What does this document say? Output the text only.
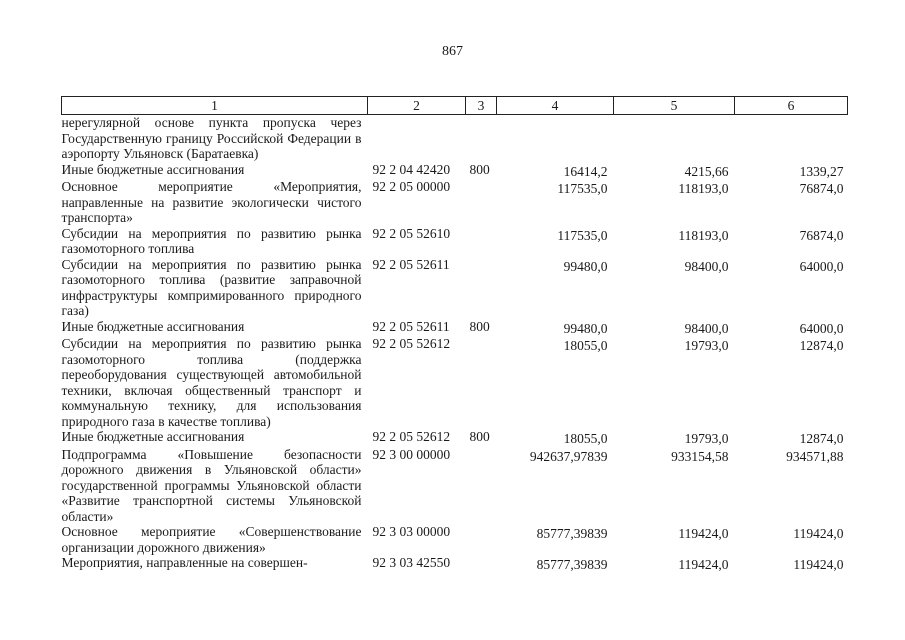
867
1	2	3	4	5	6
нерегулярной основе пункта пропуска через Государственную границу Российской Федерации в аэропорту Ульяновск (Баратаевка)					
Иные бюджетные ассигнования	92 2 04 42420	800	16414,2	4215,66	1339,27
Основное мероприятие «Мероприятия, направленные на развитие экологически чистого транспорта»	92 2 05 00000		117535,0	118193,0	76874,0
Субсидии на мероприятия по развитию рынка газомоторного топлива	92 2 05 52610		117535,0	118193,0	76874,0
Субсидии на мероприятия по развитию рынка газомоторного топлива (развитие заправочной инфраструктуры компримированного природного газа)	92 2 05 52611		99480,0	98400,0	64000,0
Иные бюджетные ассигнования	92 2 05 52611	800	99480,0	98400,0	64000,0
Субсидии на мероприятия по развитию рынка газомоторного топлива (поддержка переоборудования существующей автомобильной техники, включая общественный транспорт и коммунальную технику, для использования природного газа в качестве топлива)	92 2 05 52612		18055,0	19793,0	12874,0
Иные бюджетные ассигнования	92 2 05 52612	800	18055,0	19793,0	12874,0
Подпрограмма «Повышение безопасности дорожного движения в Ульяновской области» государственной программы Ульяновской области «Развитие транспортной системы Ульяновской области»	92 3 00 00000		942637,97839	933154,58	934571,88
Основное мероприятие «Совершенствование организации дорожного движения»	92 3 03 00000		85777,39839	119424,0	119424,0
Мероприятия, направленные на совершен-	92 3 03 42550		85777,39839	119424,0	119424,0
